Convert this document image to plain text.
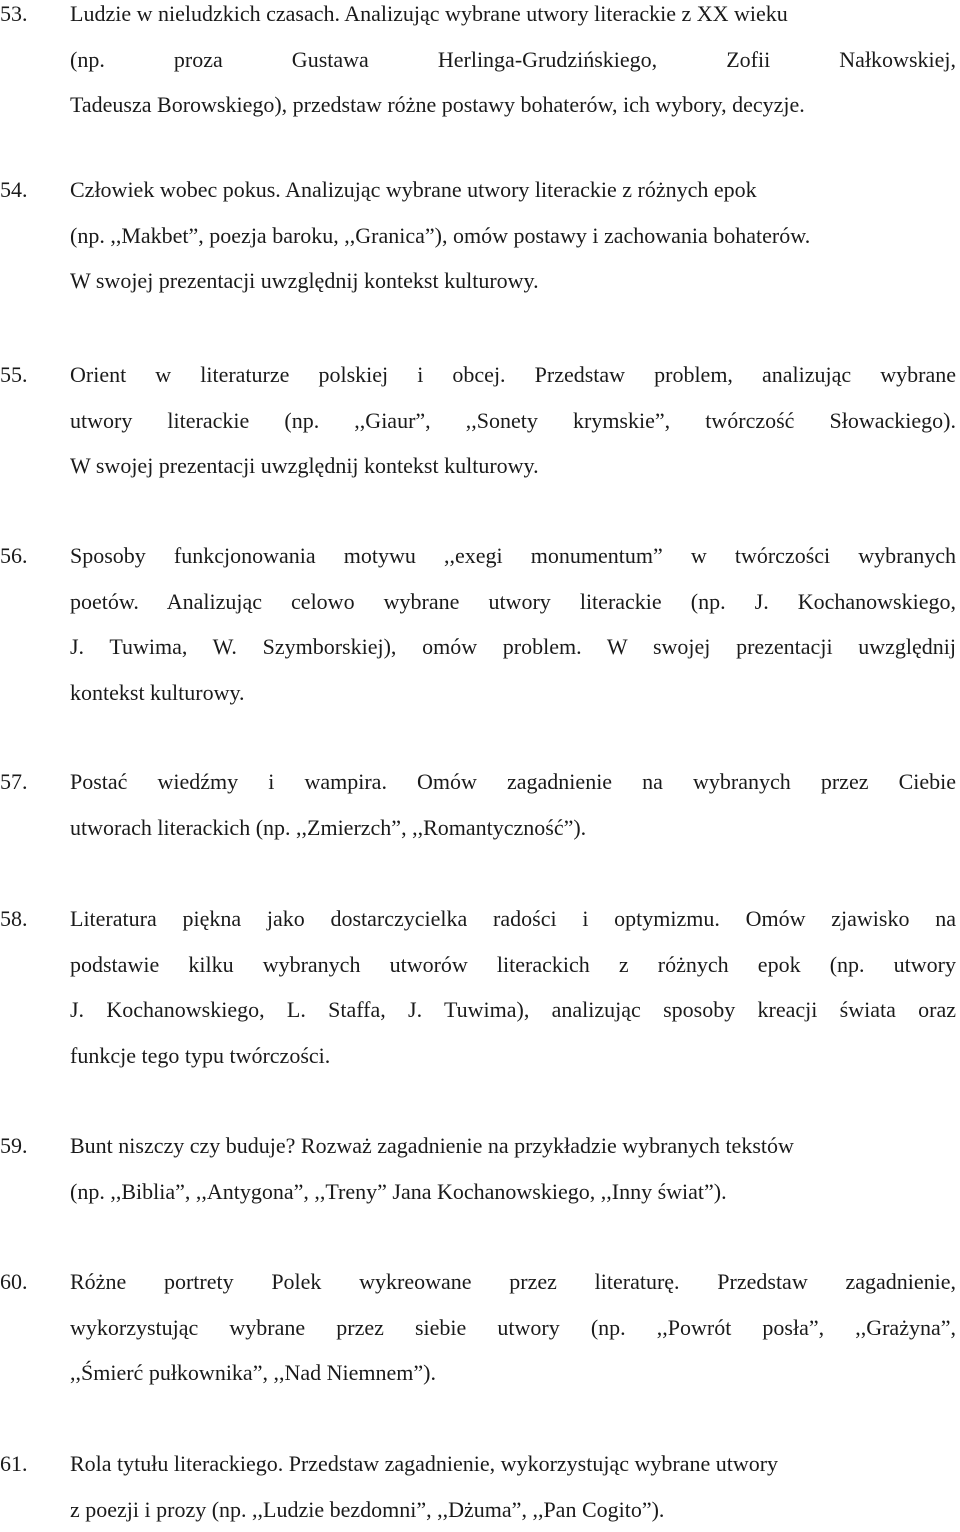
53. Ludzie w nieludzkich czasach. Analizując wybrane utwory literackie z XX wieku
(np. proza Gustawa Herlinga-Grudzińskiego, Zofii Nałkowskiej,
Tadeusza Borowskiego), przedstaw różne postawy bohaterów, ich wybory, decyzje.
54. Człowiek wobec pokus. Analizując wybrane utwory literackie z różnych epok
(np. ,,Makbet”, poezja baroku, ,,Granica”), omów postawy i zachowania bohaterów.
W swojej prezentacji uwzględnij kontekst kulturowy.
55. Orient w literaturze polskiej i obcej. Przedstaw problem, analizując wybrane
utwory literackie (np. ,,Giaur”, ,,Sonety krymskie”, twórczość Słowackiego).
W swojej prezentacji uwzględnij kontekst kulturowy.
56. Sposoby funkcjonowania motywu ,,exegi monumentum” w twórczości wybranych
poetów. Analizując celowo wybrane utwory literackie (np. J. Kochanowskiego,
J. Tuwima, W. Szymborskiej), omów problem. W swojej prezentacji uwzględnij
kontekst kulturowy.
57. Postać wiedźmy i wampira. Omów zagadnienie na wybranych przez Ciebie
utworach literackich (np. ,,Zmierzch”, ,,Romantyczność”).
58. Literatura piękna jako dostarczycielka radości i optymizmu. Omów zjawisko na
podstawie kilku wybranych utworów literackich z różnych epok (np. utwory
J. Kochanowskiego, L. Staffa, J. Tuwima), analizując sposoby kreacji świata oraz
funkcje tego typu twórczości.
59. Bunt niszczy czy buduje? Rozważ zagadnienie na przykładzie wybranych tekstów
(np. ,,Biblia”, ,,Antygona”, ,,Treny” Jana Kochanowskiego, ,,Inny świat”).
60. Różne portrety Polek wykreowane przez literaturę. Przedstaw zagadnienie,
wykorzystując wybrane przez siebie utwory (np. ,,Powrót posła”, ,,Grażyna”,
,,Śmierć pułkownika”, ,,Nad Niemnem”).
61. Rola tytułu literackiego. Przedstaw zagadnienie, wykorzystując wybrane utwory
z poezji i prozy (np. ,,Ludzie bezdomni”, ,,Dżuma”, ,,Pan Cogito”).
